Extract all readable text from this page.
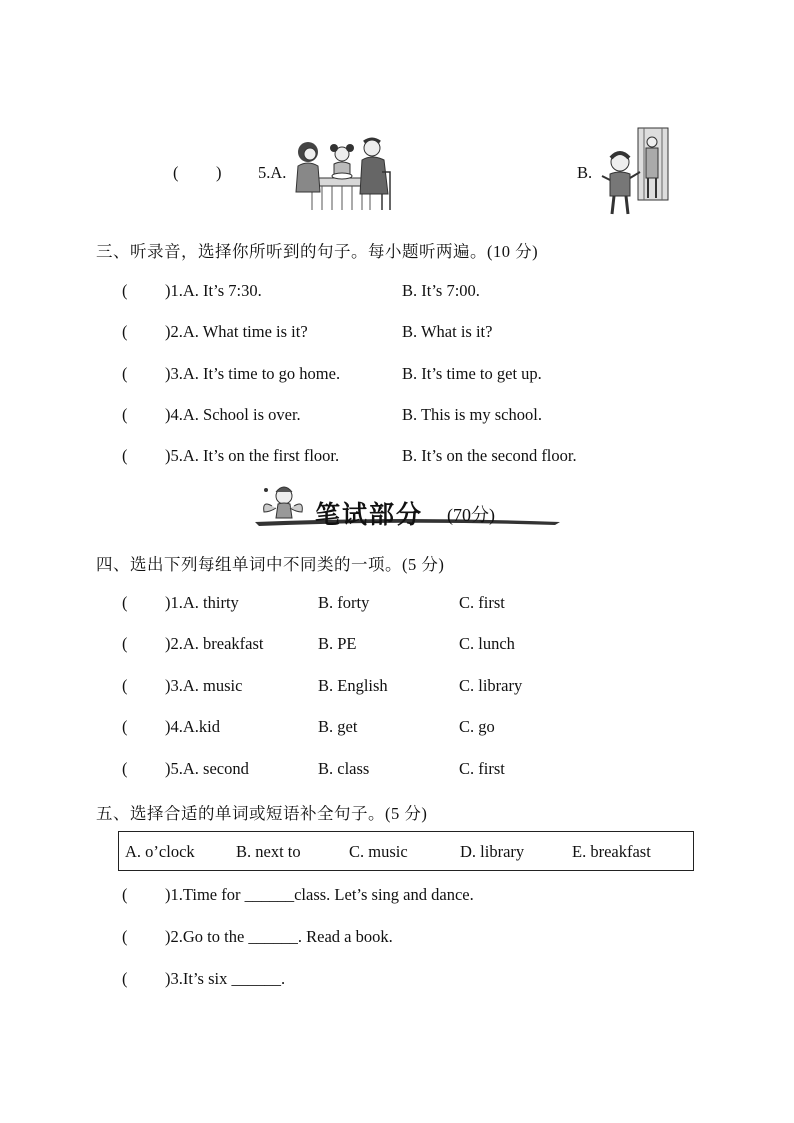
( ) 5.A.	B.
三、听录音，选择你所听到的句子。每小题听两遍。(10 分)
( )1.A. It’s 7:30.	B. It’s 7:00.
( )2.A. What time is it?	B. What is it?
( )3.A. It’s time to go home.	B. It’s time to get up.
( )4.A. School is over.	B. This is my school.
( )5.A. It’s on the first floor.	B. It’s on the second floor.
笔试部分 (70分)
四、选出下列每组单词中不同类的一项。(5 分)
( )1.A. thirty	B. forty	C. first
( )2.A. breakfast	B. PE	C. lunch
( )3.A. music	B. English	C. library
( )4.A.kid	B. get	C. go
( )5.A. second	B. class	C. first
五、选择合适的单词或短语补全句子。(5 分)
A. o’clock	B. next to	C. music	D. library	E. breakfast
( )1.Time for ______class. Let’s sing and dance.
( )2.Go to the ______. Read a book.
( )3.It’s six ______.
